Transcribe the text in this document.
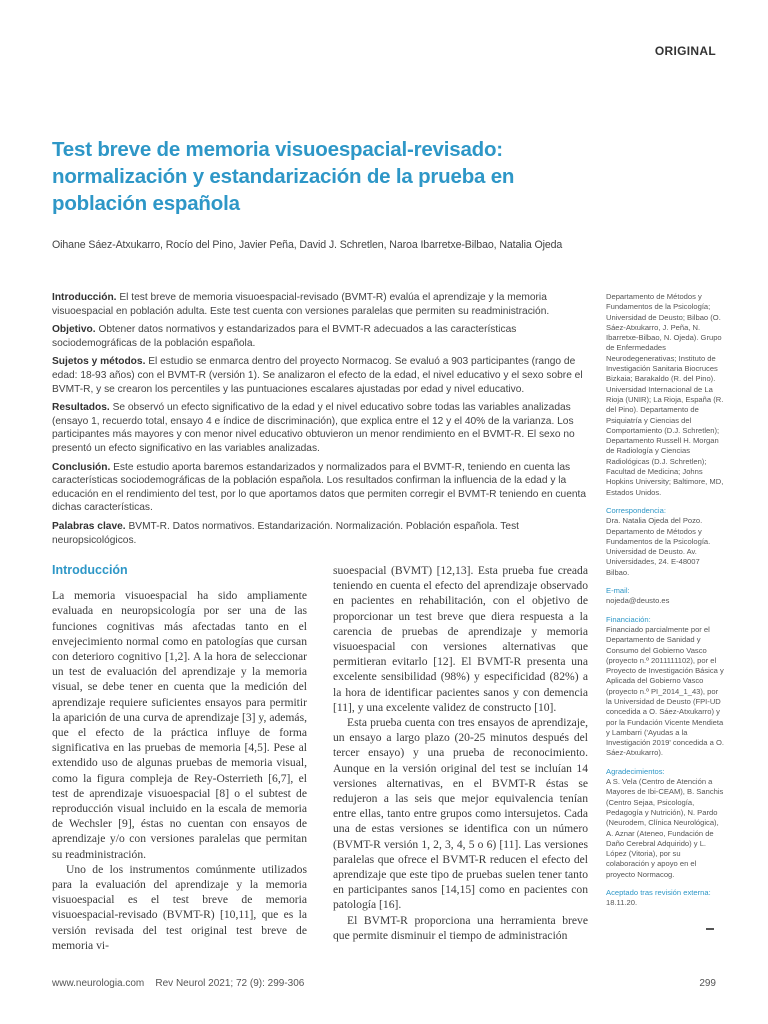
ORIGINAL
Test breve de memoria visuoespacial-revisado: normalización y estandarización de la prueba en población española
Oihane Sáez-Atxukarro, Rocío del Pino, Javier Peña, David J. Schretlen, Naroa Ibarretxe-Bilbao, Natalia Ojeda

Introducción. El test breve de memoria visuoespacial-revisado (BVMT-R) evalúa el aprendizaje y la memoria visuoespacial en población adulta. Este test cuenta con versiones paralelas que permiten su readministración.

Objetivo. Obtener datos normativos y estandarizados para el BVMT-R adecuados a las características sociodemográficas de la población española.

Sujetos y métodos. El estudio se enmarca dentro del proyecto Normacog. Se evaluó a 903 participantes (rango de edad: 18-93 años) con el BVMT-R (versión 1). Se analizaron el efecto de la edad, el nivel educativo y el sexo sobre el BVMT-R, y se crearon los percentiles y las puntuaciones escalares ajustadas por edad y nivel educativo.

Resultados. Se observó un efecto significativo de la edad y el nivel educativo sobre todas las variables analizadas (ensayo 1, recuerdo total, ensayo 4 e índice de discriminación), que explica entre el 12 y el 40% de la varianza. Los participantes más mayores y con menor nivel educativo obtuvieron un menor rendimiento en el BVMT-R. El sexo no presentó un efecto significativo en las variables analizadas.

Conclusión. Este estudio aporta baremos estandarizados y normalizados para el BVMT-R, teniendo en cuenta las características sociodemográficas de la población española. Los resultados confirman la influencia de la edad y la educación en el rendimiento del test, por lo que aportamos datos que permiten corregir el BVMT-R teniendo en cuenta dichas características.

Palabras clave. BVMT-R. Datos normativos. Estandarización. Normalización. Población española. Test neuropsicológicos.

Departamento de Métodos y Fundamentos de la Psicología; Universidad de Deusto; Bilbao (O. Sáez-Atxukarro, J. Peña, N. Ibarretxe-Bilbao, N. Ojeda). Grupo de Enfermedades Neurodegenerativas; Instituto de Investigación Sanitaria Biocruces Bizkaia; Barakaldo (R. del Pino). Universidad Internacional de La Rioja (UNIR); La Rioja, España (R. del Pino). Departamento de Psiquiatría y Ciencias del Comportamiento (D.J. Schretlen); Departamento Russell H. Morgan de Radiología y Ciencias Radiológicas (D.J. Schretlen); Facultad de Medicina; Johns Hopkins University; Baltimore, MD, Estados Unidos.
Correspondencia:
Dra. Natalia Ojeda del Pozo. Departamento de Métodos y Fundamentos de la Psicología. Universidad de Deusto. Av. Universidades, 24. E-48007 Bilbao.
E-mail:
nojeda@deusto.es
Financiación:
Financiado parcialmente por el Departamento de Sanidad y Consumo del Gobierno Vasco (proyecto n.º 2011111102), por el Proyecto de Investigación Básica y Aplicada del Gobierno Vasco (proyecto n.º PI_2014_1_43), por la Universidad de Deusto (FPI-UD concedida a O. Sáez-Atxukarro) y por la Fundación Vicente Mendieta y Lambarri ('Ayudas a la Investigación 2019' concedida a O. Sáez-Atxukarro).
Agradecimientos:
A S. Vela (Centro de Atención a Mayores de Ibi-CEAM), B. Sanchis (Centro Sejaa, Psicología, Pedagogía y Nutrición), N. Pardo (Neurodem, Clínica Neurológica), A. Aznar (Ateneo, Fundación de Daño Cerebral Adquirido) y L. López (Vitoria), por su colaboración y apoyo en el proyecto Normacog.
Aceptado tras revisión externa:
18.11.20.
Introducción

La memoria visuoespacial ha sido ampliamente evaluada en neuropsicología por ser una de las funciones cognitivas más afectadas tanto en el envejecimiento normal como en patologías que cursan con deterioro cognitivo [1,2]. A la hora de seleccionar un test de evaluación del aprendizaje y la memoria visual, se debe tener en cuenta que la medición del aprendizaje requiere suficientes ensayos para permitir la aparición de una curva de aprendizaje [3] y, además, que el efecto de la práctica influye de forma significativa en las pruebas de memoria [4,5]. Pese al extendido uso de algunas pruebas de memoria visual, como la figura compleja de Rey-Osterrieth [6,7], el test de aprendizaje visuoespacial [8] o el subtest de reproducción visual incluido en la escala de memoria de Wechsler [9], éstas no cuentan con ensayos de aprendizaje y/o con versiones paralelas que permitan su readministración.

Uno de los instrumentos comúnmente utilizados para la evaluación del aprendizaje y la memoria visuoespacial es el test breve de memoria visuoespacial-revisado (BVMT-R) [10,11], que es la versión revisada del test original test breve de memoria vi-

suoespacial (BVMT) [12,13]. Esta prueba fue creada teniendo en cuenta el efecto del aprendizaje observado en pacientes en rehabilitación, con el objetivo de proporcionar un test breve que diera respuesta a la carencia de pruebas de aprendizaje y memoria visuoespacial con versiones alternativas que permitieran evitarlo [12]. El BVMT-R presenta una excelente sensibilidad (98%) y especificidad (82%) a la hora de identificar pacientes sanos y con demencia [11], y una excelente validez de constructo [10].

Esta prueba cuenta con tres ensayos de aprendizaje, un ensayo a largo plazo (20-25 minutos después del tercer ensayo) y una prueba de reconocimiento. Aunque en la versión original del test se incluían 14 versiones alternativas, en el BVMT-R éstas se redujeron a las seis que mejor equivalencia tenían entre ellas, tanto entre grupos como intersujetos. Cada una de estas versiones se identifica con un número (BVMT-R versión 1, 2, 3, 4, 5 o 6) [11]. Las versiones paralelas que ofrece el BVMT-R reducen el efecto del aprendizaje que este tipo de pruebas suelen tener tanto en participantes sanos [14,15] como en pacientes con patología [16].

El BVMT-R proporciona una herramienta breve que permite disminuir el tiempo de administración

www.neurologia.com    Rev Neurol 2021; 72 (9): 299-306	299
